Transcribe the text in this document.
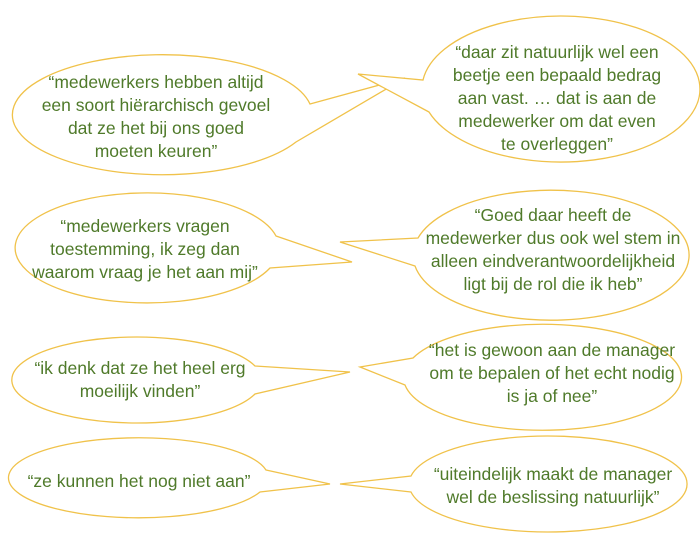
“medewerkers hebben altijd
een soort hiërarchisch gevoel
dat ze het bij ons goed
moeten keuren”
“medewerkers vragen
toestemming, ik zeg dan
waarom vraag je het aan mij”
“ik denk dat ze het heel erg
moeilijk vinden”
“ze kunnen het nog niet aan”
“daar zit natuurlijk wel een
beetje een bepaald bedrag
aan vast. … dat is aan de
medewerker om dat even
te overleggen”
“Goed daar heeft de
medewerker dus ook wel stem in
alleen eindverantwoordelijkheid
ligt bij de rol die ik heb”
“het is gewoon aan de manager
om te bepalen of het echt nodig
is ja of nee”
“uiteindelijk maakt de manager
wel de beslissing natuurlijk”
